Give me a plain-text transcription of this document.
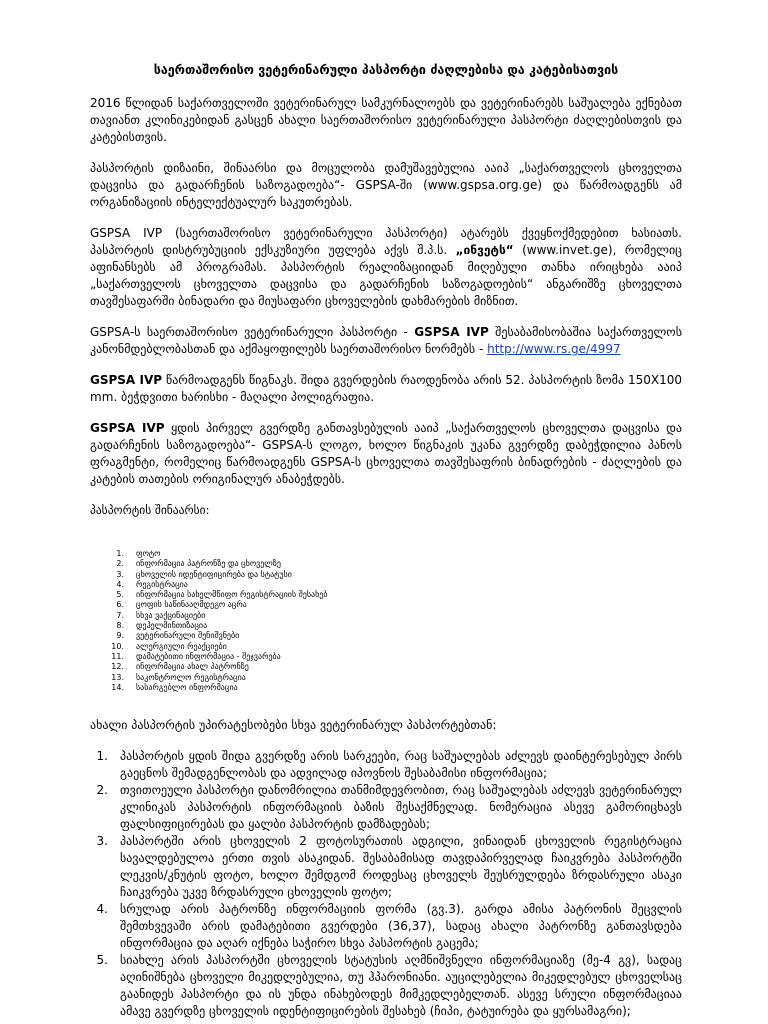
საერთაშორისო ვეტერინარული პასპორტი ძაღლებისა და კატებისათვის

2016 წლიდან საქართველოში ვეტერინარულ სამკურნალოებს და ვეტერინარებს საშუალება ექნებათ თავიანთ კლინიკებიდან გასცენ ახალი საერთაშორისო ვეტერინარული პასპორტი ძაღლებისთვის და კატებისთვის.

პასპორტის დიზაინი, შინაარსი და მოცულობა დამუშავებულია ააიპ „საქართველოს ცხოველთა დაცვისა და გადარჩენის საზოგადოება“- GSPSA-ში (www.gspsa.org.ge) და წარმოადგენს ამ ორგანიზაციის ინტელექტუალურ საკუთრებას.

GSPSA IVP (საერთაშორისო ვეტერინარული პასპორტი) ატარებს ქვეყნოქმედებით ხასიათს. პასპორტის დისტრუბუციის ექსკუზიური უფლება აქვს შ.პ.ს. „ინვეტს“ (www.invet.ge), რომელიც აფინანსებს ამ პროგრამას. პასპორტის რეალიზაციიდან მიღებული თანხა ირიცხება ააიპ „საქართველოს ცხოველთა დაცვისა და გადარჩენის საზოგადოების“ ანგარიშზე ცხოველთა თავშესაფარში ბინადარი და მიუსაფარი ცხოველების დახმარების მიზნით.

GSPSA-ს საერთაშორისო ვეტერინარული პასპორტი - GSPSA IVP შესაბამისობაშია საქართველოს კანონმდებლობასთან და აქმაყოფილებს საერთაშორისო ნორმებს - http://www.rs.ge/4997

GSPSA IVP წარმოადგენს წიგნაკს. შიდა გვერდების რაოდენობა არის 52. პასპორტის ზომა 150X100 mm. ბეჭდვითი ხარისხი - მაღალი პოლიგრაფია.

GSPSA IVP ყდის პირველ გვერდზე განთავსებულის ააიპ „საქართველოს ცხოველთა დაცვისა და გადარჩენის საზოგადოება“- GSPSA-ს ლოგო, ხოლო წიგნაკის უკანა გვერდზე დაბეჭდილია პანოს ფრაგმენტი, რომელიც წარმოადგენს GSPSA-ს ცხოველთა თავშესაფრის ბინადრების - ძაღლების და კატების თათების ორიგინალურ ანაბეჭდებს.

პასპორტის შინაარსი:
1.	ფოტო
2.	ინფორმაცია პატრონზე და ცხოველზე
3.	ცხოველის იდენტიფიცირება და სტატუსი
4.	რეგისტრაცია
5.	ინფორმაცია სახელმწიფო რეგისტრაციის შესახებ
6.	ცოფის საწინააღმდეგო აცრა
7.	სხვა ვაქცინაციები
8.	დეჰელმინთიზაცია
9.	ვეტერინარული შენიშვნები
10.	ალერგიული რეაქციები
11.	დამატებითი ინფორმაცია - შეჯვარება
12.	ინფორმაცია ახალ პატრონზე
13.	საკონტროლო რეგისტრაცია
14.	სასარგებლო ინფორმაცია
ახალი პასპორტის უპირატესობები სხვა ვეტერინარულ პასპორტებთან:
1.	პასპორტის ყდის შიდა გვერდზე არის სარკეები, რაც საშუალებას აძლევს დაინტერესებულ პირს გაეცნოს შემადგენლობას და ადვილად იპოვნოს შესაბამისი ინფორმაცია;
2.	თვითოეული პასპორტი დანომრილია თანმიმდევრობით, რაც საშუალებას აძლევს ვეტერინარულ კლინიკას პასპორტის ინფორმაციის ბაზის შესაქმნელად. ნომერაცია ასევე გამორიცხავს ფალსიფიცირებას და ყალბი პასპორტის დამზადებას;
3.	პასპორტში არის ცხოველის 2 ფოტოსურათის ადგილი, ვინაიდან ცხოველის რეგისტრაცია სავალდებულოა ერთი თვის ასაკიდან. შესაბამისად თავდაპირველად ჩაიკვრება პასპორტში ლეკვის/კნუტის ფოტო, ხოლო შემდგომ როდესაც ცხოველს შეუსრულდება ზრდასრული ასაკი ჩაიკვრება უკვე ზრდასრული ცხოველის ფოტო;
4.	სრულად არის პატრონზე ინფორმაციის ფორმა (გვ.3). გარდა ამისა პატრონის შეცვლის შემთხვევაში არის დამატებითი გვერდები (36,37), სადაც ახალი პატრონზე განთავსდება ინფორმაცია და აღარ იქნება საჭირო სხვა პასპორტის გაცემა;
5.	სიახლე არის პასპორტში ცხოველის სტატუსის აღმნიშვნელი ინფორმაციაზე (მე-4 გვ), სადაც აღინიშნება ცხოველი მიკედლებულია, თუ ჰპარონიანი. აუცილებელია მიკედლებულ ცხოველსაც გაანიდეს პასპორტი და ის უნდა ინახებოდეს მიმკედლებელთან. ასევე სრული ინფორმაციაა ამავე გვერდზე ცხოველის იდენტიფიცირების შესახებ (ჩიპი, ტატუირება და ყურსამაგრი);
